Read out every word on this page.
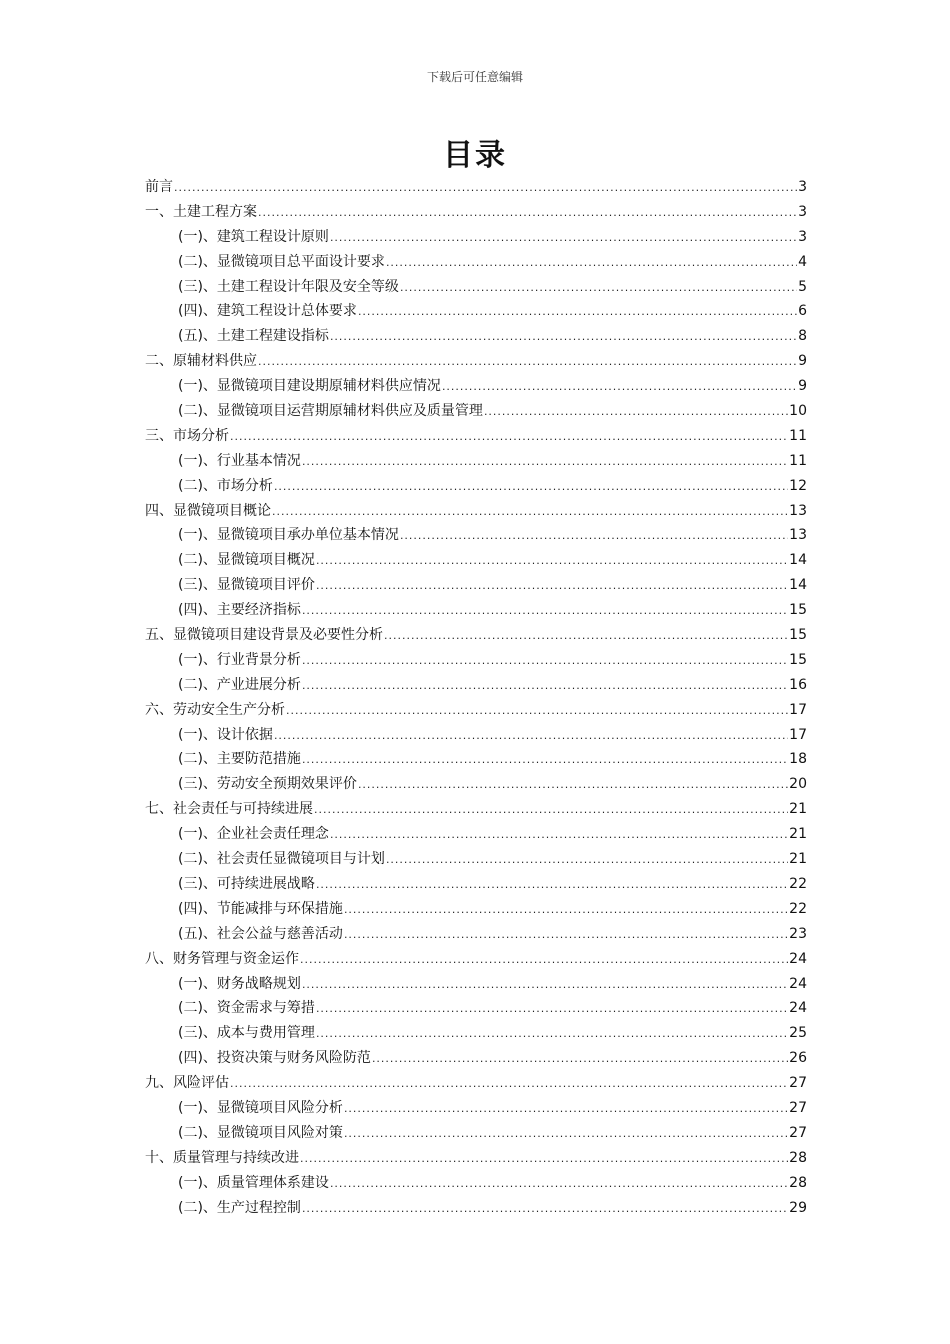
下载后可任意编辑
目录
前言 .....	3
一、土建工程方案 .....	3
(一)、建筑工程设计原则 .....	3
(二)、显微镜项目总平面设计要求 .....	4
(三)、土建工程设计年限及安全等级 .....	5
(四)、建筑工程设计总体要求 .....	6
(五)、土建工程建设指标 .....	8
二、原辅材料供应 .....	9
(一)、显微镜项目建设期原辅材料供应情况 .....	9
(二)、显微镜项目运营期原辅材料供应及质量管理 .....	10
三、市场分析 .....	11
(一)、行业基本情况 .....	11
(二)、市场分析 .....	12
四、显微镜项目概论 .....	13
(一)、显微镜项目承办单位基本情况 .....	13
(二)、显微镜项目概况 .....	14
(三)、显微镜项目评价 .....	14
(四)、主要经济指标 .....	15
五、显微镜项目建设背景及必要性分析 .....	15
(一)、行业背景分析 .....	15
(二)、产业进展分析 .....	16
六、劳动安全生产分析 .....	17
(一)、设计依据 .....	17
(二)、主要防范措施 .....	18
(三)、劳动安全预期效果评价 .....	20
七、社会责任与可持续进展 .....	21
(一)、企业社会责任理念 .....	21
(二)、社会责任显微镜项目与计划 .....	21
(三)、可持续进展战略 .....	22
(四)、节能减排与环保措施 .....	22
(五)、社会公益与慈善活动 .....	23
八、财务管理与资金运作 .....	24
(一)、财务战略规划 .....	24
(二)、资金需求与筹措 .....	24
(三)、成本与费用管理 .....	25
(四)、投资决策与财务风险防范 .....	26
九、风险评估 .....	27
(一)、显微镜项目风险分析 .....	27
(二)、显微镜项目风险对策 .....	27
十、质量管理与持续改进 .....	28
(一)、质量管理体系建设 .....	28
(二)、生产过程控制 .....	29
